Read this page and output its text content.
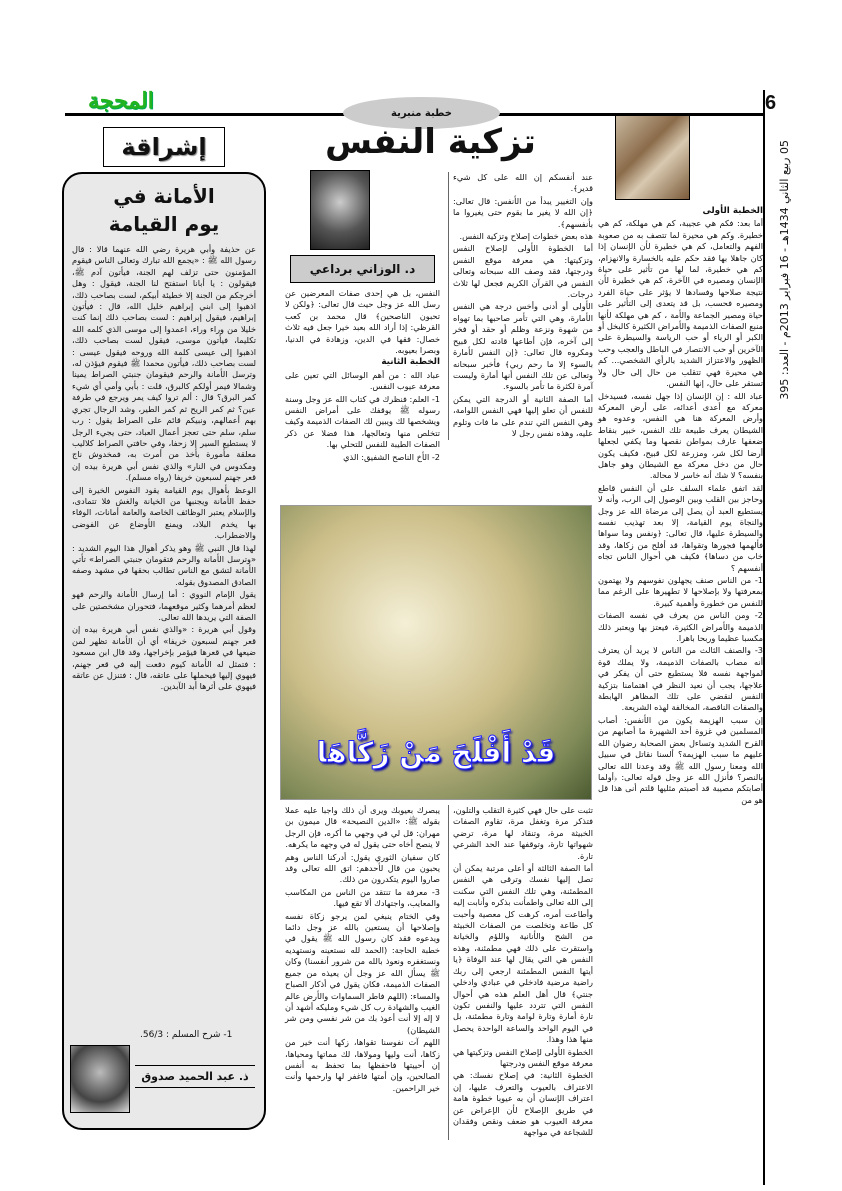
6
05 ربيع الثاني 1434هـ - 16 فبراير 2013م - العدد: 395
المحجة	خطبة منبرية
تزكية النفس
إشراقة
د. الوزاني برداعي
الخطبة الأولى

أما بعد: فكم هي عجيبة، كم هي مهلكة، كم هي خطيرة. وكم هي محيرة لما تتصف به من صعوبة الفهم والتعامل، كم هي خطيرة لأن الإنسان إذا كان جاهلا بها فقد حكم عليه بالخسارة والانهزام، كم هي خطيرة، لما لها من تأثير على حياة الإنسان ومصيره في الآخرة، كم هي خطيرة لأن نتيجة صلاحها وفسادها لا يؤثر على حياة الفرد ومصيره فحسب، بل قد يتعدى إلى التأثير على حياة ومصير الجماعة والأمة ، كم هي مهلكة لأنها منبع الصفات الذميمة والأمراض الكثيرة كالبخل أو الكبر أو الرياء أو حب الرياسة والسيطرة على الآخرين أو حب الانتصار في الباطل والعجب وحب الظهور والاعتزاز الشديد بالرأي الشخصي... كم هي محيرة فهي تتقلب من حال إلى حال ولا تستقر على حال، إنها النفس.

عباد الله : إن الإنسان إذا جهل نفسه، فسيدخل معركة مع أعدى أعدائه، على أرض المعركة وأرض المعركة هنا هي النفس، وعدوه هو الشيطان يعرف طبيعة تلك النفس، خبير بنقاط ضعفها عارف بمواطن نقصها وما يكفي لجعلها أرضا لكل شر، ومزرعة لكل قبيح، فكيف يكون حال من دخل معركة مع الشيطان وهو جاهل بنفسه؟ لا شك أنه خاسر لا محالة.

لقد اتفق علماء السلف على أن النفس قاطع وحاجز بين القلب وبين الوصول إلى الرب، وأنه لا يستطيع العبد أن يصل إلى مرضاة الله عز وجل والنجاة يوم القيامة، إلا بعد تهذيب نفسه والسيطرة عليها، قال تعالى: ﴿ونفس وما سواها فألهمها فجورها وتقواها، قد أفلح من زكاها، وقد خاب من دساها﴾ فكيف هي أحوال الناس تجاه أنفسهم ؟

1- من الناس صنف يجهلون نفوسهم ولا يهتمون بمعرفتها ولا بإصلاحها لا تطهيرها على الرغم مما للنفس من خطورة وأهمية كبيرة.

2- ومن الناس من يعرف في نفسه الصفات الذميمة والأمراض الكثيرة، فيعتز بها ويعتبر ذلك مكسبا عظيما وربحا باهرا.

3- والصنف الثالث من الناس لا يريد أن يعترف أنه مصاب بالصفات الذميمة، ولا يملك قوة لمواجهة نفسه فلا يستطيع حتى أن يفكر في علاجها، يجب أن نعيد النظر في اهتمامنا بتزكية النفس لنقضي على تلك المظاهر الهابطة والصفات الناقصة، المخالفة لهذه الشريعة.

إن سبب الهزيمة يكون من الأنفس: أصاب المسلمين في غزوة أحد الشهيرة ما أصابهم من القرح الشديد وتساءل بعض الصحابة رضوان الله عليهم ما سبب الهزيمة؟ ألسنا نقاتل في سبيل الله ومعنا رسول الله ﷺ وقد وعدنا الله تعالى بالنصر؟ فأنزل الله عز وجل قوله تعالى: ﴿أولما أصابتكم مصيبة قد أصبتم مثليها قلتم أنى هذا قل هو من

عند أنفسكم إن الله على كل شيء قدير﴾.

وإن التغيير يبدأ من الأنفس: قال تعالى: ﴿إن الله لا يغير ما بقوم حتى يغيروا ما بأنفسهم﴾.

هذه بعض خطوات إصلاح وتزكية النفس.

أما الخطوة الأولى لإصلاح النفس وتزكيتها: هي معرفة موقع النفس ودرجتها، فقد وصف الله سبحانه وتعالى النفس في القرآن الكريم فجعل لها ثلاث درجات.

الأولى أو أدنى وأخس درجة هي النفس الأمارة، وهي التي تأمر صاحبها بما تهواه من شهوة ونزعة وظلم أو حقد أو فخر إلى آخره، فإن أطاعها قادته لكل قبيح ومكروه قال تعالى: ﴿إن النفس لأمارة بالسوء إلا ما رحم ربي﴾ فأخبر سبحانه وتعالى عن تلك النفس أنها أمارة وليست آمرة لكثرة ما تأمر بالسوء.

أما الصفة الثانية أو الدرجة التي يمكن للنفس أن تعلو إليها فهي النفس اللوامة، وهي النفس التي تندم على ما فات وتلوم عليه، وهذه نفس رجل لا

النفس، بل هي إحدى صفات المعرضين عن رسل الله عز وجل حيث قال تعالى: ﴿ولكن لا تحبون الناصحين﴾ قال محمد بن كعب القرظي: إذا أراد الله بعبد خيرا جعل فيه ثلاث خصال: فقها في الدين، وزهادة في الدنيا، وبصرا بعيوبه.

الخطبة الثانية

عباد الله : من أهم الوسائل التي تعين على معرفة عيوب النفس.

1- العلم: فنظرك في كتاب الله عز وجل وسنة رسوله ﷺ يوقفك على أمراض النفس ويشخصها لك ويبين لك الصفات الذميمة وكيف تتخلص منها وتعالجها، هذا فضلا عن ذكر الصفات الطيبة للنفس للتحلي بها.

2- الأخ الناصح الشفيق: الذي

قَدْ أَفْلَحَ مَنْ زَكَّاهَا

تثبت على حال فهي كثيرة التقلب والتلون، فتذكر مرة وتغفل مرة، تقاوم الصفات الخبيثة مرة، وتنقاد لها مرة، ترضي شهواتها تارة، وتوقفها عند الحد الشرعي تارة.

أما الصفة الثالثة أو أعلى مرتبة يمكن أن تصل إليها نفسك وترقى هي النفس المطمئنة، وهي تلك النفس التي سكنت إلى الله تعالى واطمأنت بذكره وأنابت إليه وأطاعت أمره، كرهت كل معصية وأحبت كل طاعة وتخلصت من الصفات الخبيثة من الشح والأنانية واللؤم والخيانة واستقرت على ذلك فهي مطمئنة، وهذه النفس هي التي يقال لها عند الوفاة ﴿يا أيتها النفس المطمئنة ارجعي إلى ربك راضية مرضية فادخلي في عبادي وادخلي جنتي﴾ قال أهل العلم هذه هي أحوال النفس التي تتردد عليها والنفس تكون تارة أمارة وتارة لوامة وتارة مطمئنة، بل في اليوم الواحد والساعة الواحدة يحصل منها هذا وهذا.

الخطوة الأولى لإصلاح النفس وتزكيتها هي معرفة موقع النفس ودرجتها

الخطوة الثانية: في إصلاح نفسك: هي الاعتراف بالعيوب والتعرف عليها، إن اعتراف الإنسان أن به عيوبا خطوة هامة في طريق الإصلاح لأن الإعراض عن معرفة العيوب هو ضعف ونقص وفقدان للشجاعة في مواجهة

يبصرك بعيوبك ويرى أن ذلك واجبا عليه عملا بقوله ﷺ: «الدين النصيحة» قال ميمون بن مهران: قل لي في وجهي ما أكره، فإن الرجل لا ينصح أخاه حتى يقول له في وجهه ما يكرهه.

كان سفيان الثوري يقول: أدركنا الناس وهم يحبون من قال لأحدهم: اتق الله تعالى وقد صاروا اليوم يتكدرون من ذلك.

3- معرفة ما تنتقد من الناس من المكاسب والمعايب، واجتهادك ألا تقع فيها.

وفي الختام ينبغي لمن يرجو زكاة نفسه وإصلاحها أن يستعين بالله عز وجل دائما ويدعوه فقد كان رسول الله ﷺ يقول في خطبة الحاجة: (الحمد لله نستعينه ونستهديه ونستغفره ونعوذ بالله من شرور أنفسنا) وكان ﷺ يسأل الله عز وجل أن يعيذه من جميع الصفات الذميمة، فكان يقول في أذكار الصباح والمساء: (اللهم فاطر السماوات والأرض عالم الغيب والشهادة رب كل شيء ومليكه أشهد أن لا إله إلا أنت أعوذ بك من شر نفسي ومن شر الشيطان)

اللهم آت نفوسنا تقواها، زكها أنت خير من زكاها، أنت وليها ومولاها، لك مماتها ومحياها، إن أحييتها فاحفظها بما تحفظ به أنفس الصالحين، وإن أمتها فاغفر لها وارحمها وأنت خير الراحمين.

الأمانة في
يوم القيامة

عن حذيفة وأبي هريرة رضي الله عنهما قالا : قال رسول الله ﷺ : «يجمع الله تبارك وتعالى الناس فيقوم المؤمنون حتى تزلف لهم الجنة، فيأتون آدم ﷺ، فيقولون : يا أبانا استفتح لنا الجنة، فيقول : وهل أخرجكم من الجنة إلا خطيئة أبيكم، لست بصاحب ذلك، اذهبوا إلى ابني إبراهيم خليل الله، قال : فيأتون إبراهيم، فيقول إبراهيم : لست بصاحب ذلك إنما كنت خليلا من وراء وراء، اعمدوا إلى موسى الذي كلمه الله تكليما، فيأتون موسى، فيقول لست بصاحب ذلك، اذهبوا إلى عيسى كلمة الله وروحه فيقول عيسى : لست بصاحب ذلك، فيأتون محمدا ﷺ فيقوم فيؤذن له، وترسل الأمانة والرحم فيقومان جنبتي الصراط يمينا وشمالا فيمر أولكم كالبرق، قلت : بأبي وأمي أي شيء كمر البرق؟ قال : ألم تروا كيف يمر ويرجع في طرفة عين؟ ثم كمر الريح ثم كمر الطير، وشد الرجال تجري بهم أعمالهم، ونبيكم قائم على الصراط يقول : رب سلم، سلم حتى تعجز أعمال العباد، حتى يجيء الرجل لا يستطيع السير إلا زحفا، وفي حافتي الصراط كلاليب معلقة مأمورة بأخذ من أمرت به، فمخدوش ناج ومكدوس في النار» والذي نفس أبي هريرة بيده إن قعر جهنم لسبعون خريفا (رواه مسلم).

الوعظ بأهوال يوم القيامة يقود النفوس الخيرة إلى حفظ الأمانة ويجنبها من الخيانة والغش فلا تتمادى، والإسلام يعتبر الوظائف الخاصة والعامة أمانات، الوفاء بها يخدم البلاد، ويمنع الأوضاع عن الفوضى والاضطراب.

لهذا قال النبي ﷺ وهو يذكر أهوال هذا اليوم الشديد : «وترسل الأمانة والرحم فتقومان جنبتي الصراط» تأتي الأمانة لتشق مع الناس تطالب بحقها في مشهد وصفه الصادق المصدوق بقوله.

يقول الإمام النووي : أما إرسال الأمانة والرحم فهو لعظم أمرهما وكثير موقعهما، فتحوران مشخصتين على الصفة التي يريدها الله تعالى.

وقول أبي هريرة : «والذي نفس أبي هريرة بيده إن قعر جهنم لسبعون خريفا» أي أن الأمانة تظهر لمن ضيعها في قعرها فيؤمر بإخراجها، وقد قال ابن مسعود : فتمثل له الأمانة كيوم دفعت إليه في قعر جهنم، فيهوي إليها فيحملها على عاتقه، قال : فتنزل عن عاتقه فيهوي على أثرها أبد الآبدين.

1- شرح المسلم : 56/3.
ذ. عبد الحميد صدوق
